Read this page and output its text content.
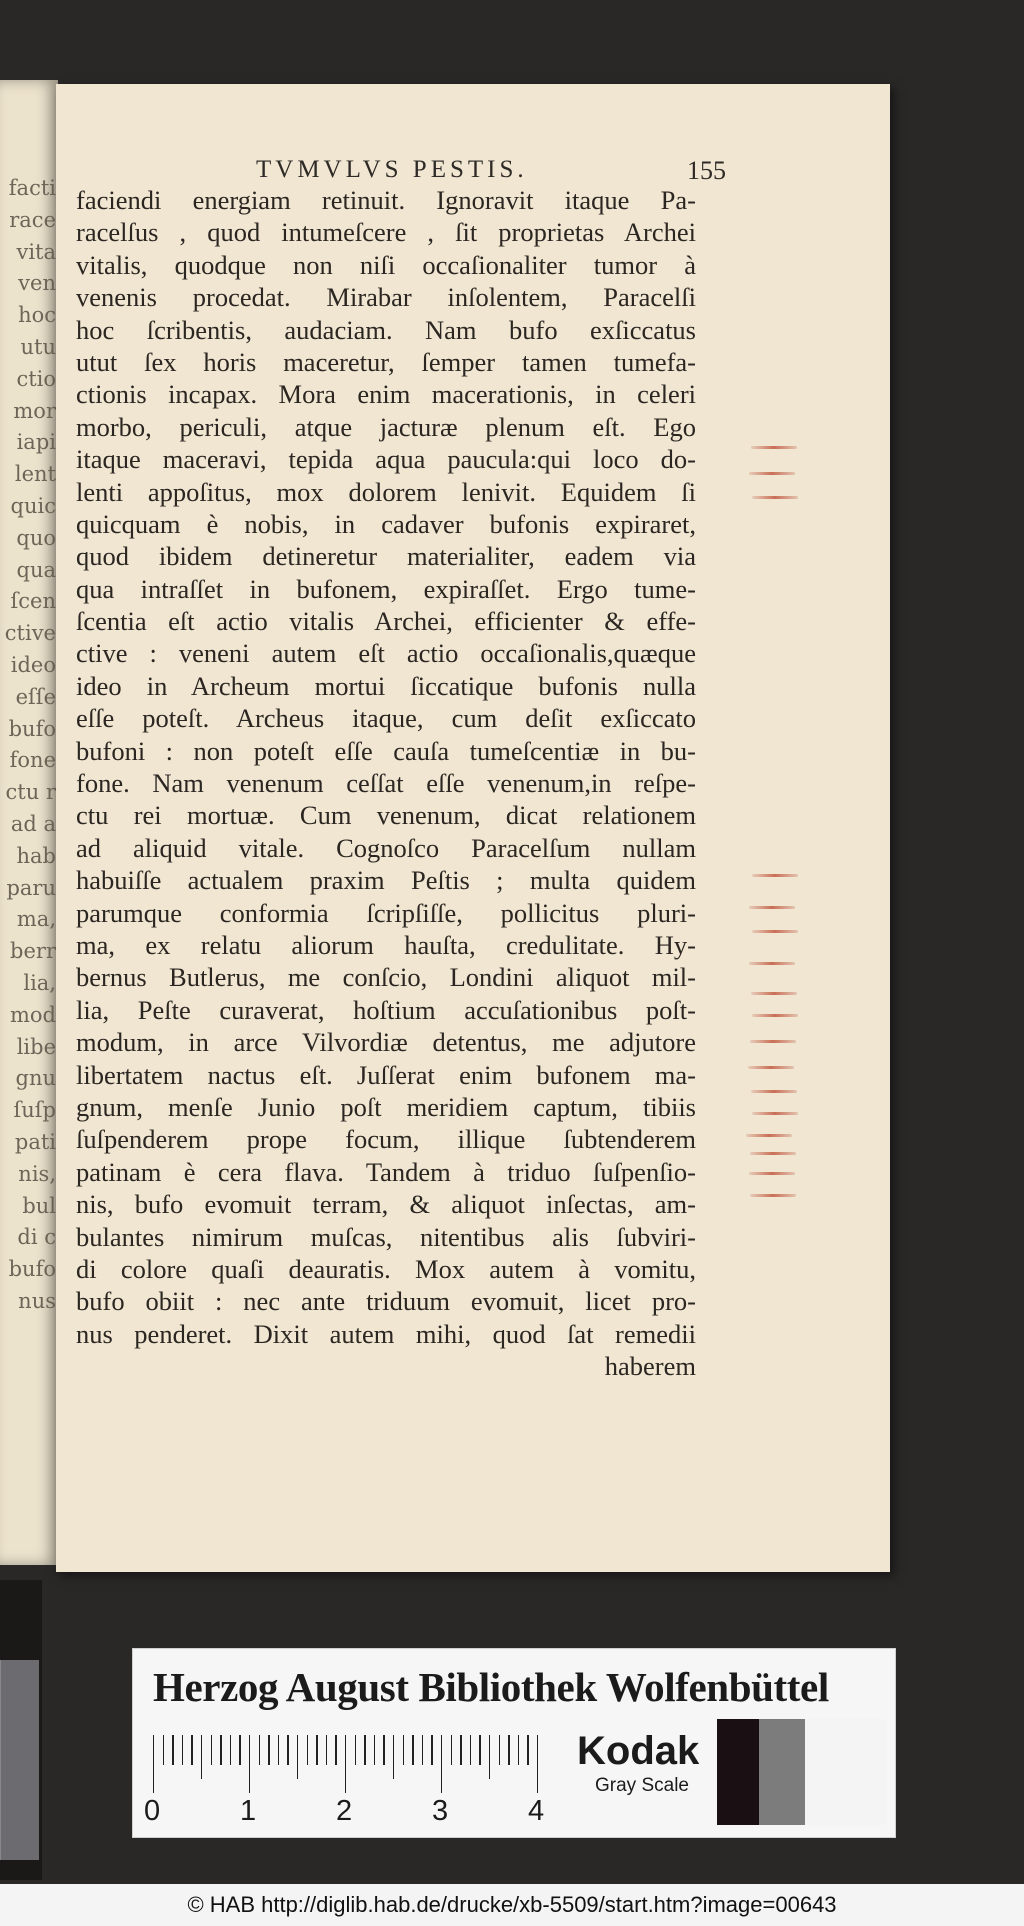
facti
race
vita
ven
hoc
utu
ctio
mor
iapi
lent
quic
quo
qua
ſcen
ctive
ideo
eſſe
bufo
fone
ctu r
ad a
hab
paru
ma,
berr
lia,
mod
libe
gnu
ſuſp
pati
nis,
bul
di c
bufo
nus
TVMVLVS PESTIS.	155
faciendi energiam retinuit. Ignoravit itaque Pa-
racelſus , quod intumeſcere , ſit proprietas Archei
vitalis, quodque non niſi occaſionaliter tumor à
venenis procedat. Mirabar inſolentem, Paracelſi
hoc ſcribentis, audaciam. Nam bufo exſiccatus
utut ſex horis maceretur, ſemper tamen tumefa-
ctionis incapax. Mora enim macerationis, in celeri
morbo, periculi, atque jacturæ plenum eſt. Ego
itaque maceravi, tepida aqua paucula:qui loco do-
lenti appoſitus, mox dolorem lenivit. Equidem ſi
quicquam è nobis, in cadaver bufonis expiraret,
quod ibidem detineretur materialiter, eadem via
qua intraſſet in bufonem, expiraſſet. Ergo tume-
ſcentia eſt actio vitalis Archei, efficienter & effe-
ctive : veneni autem eſt actio occaſionalis,quæque
ideo in Archeum mortui ſiccatique bufonis nulla
eſſe poteſt. Archeus itaque, cum deſit exſiccato
bufoni : non poteſt eſſe cauſa tumeſcentiæ in bu-
fone. Nam venenum ceſſat eſſe venenum,in reſpe-
ctu rei mortuæ. Cum venenum, dicat relationem
ad aliquid vitale. Cognoſco Paracelſum nullam
habuiſſe actualem praxim Peſtis ; multa quidem
parumque conformia ſcripſiſſe, pollicitus pluri-
ma, ex relatu aliorum hauſta, credulitate. Hy-
bernus Butlerus, me conſcio, Londini aliquot mil-
lia, Peſte curaverat, hoſtium accuſationibus poſt-
modum, in arce Vilvordiæ detentus, me adjutore
libertatem nactus eſt. Juſſerat enim bufonem ma-
gnum, menſe Junio poſt meridiem captum, tibiis
ſuſpenderem prope focum, illique ſubtenderem
patinam è cera flava. Tandem à triduo ſuſpenſio-
nis, bufo evomuit terram, & aliquot inſectas, am-
bulantes nimirum muſcas, nitentibus alis ſubviri-
di colore quaſi deauratis. Mox autem à vomitu,
bufo obiit : nec ante triduum evomuit, licet pro-
nus penderet. Dixit autem mihi, quod ſat remedii
haberem
Herzog August Bibliothek Wolfenbüttel
0	1	2	3	4
Kodak
Gray Scale
© HAB http://diglib.hab.de/drucke/xb-5509/start.htm?image=00643
